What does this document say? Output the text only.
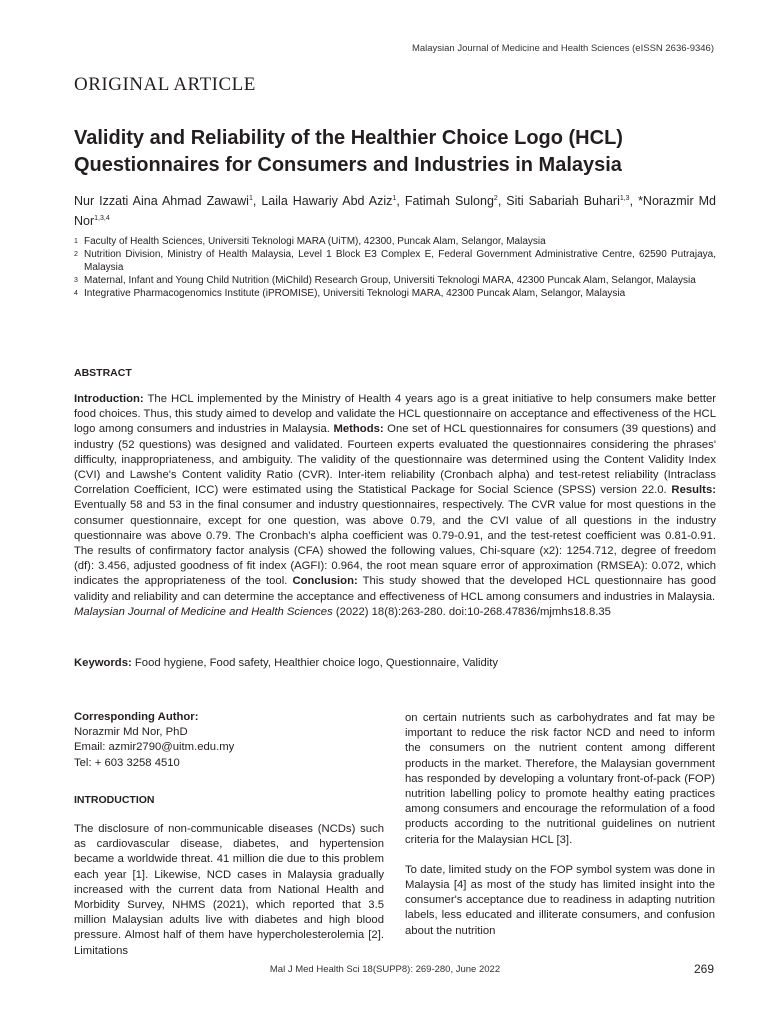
Malaysian Journal of Medicine and Health Sciences (eISSN 2636-9346)
ORIGINAL ARTICLE
Validity and Reliability of the Healthier Choice Logo (HCL) Questionnaires for Consumers and Industries in Malaysia
Nur Izzati Aina Ahmad Zawawi$^1$, Laila Hawariy Abd Aziz$^1$, Fatimah Sulong$^2$, Siti Sabariah Buhari$^{1,3}$, *Norazmir Md Nor$^{1,3,4}$
1 Faculty of Health Sciences, Universiti Teknologi MARA (UiTM), 42300, Puncak Alam, Selangor, Malaysia
2 Nutrition Division, Ministry of Health Malaysia, Level 1 Block E3 Complex E, Federal Government Administrative Centre, 62590 Putrajaya, Malaysia
3 Maternal, Infant and Young Child Nutrition (MiChild) Research Group, Universiti Teknologi MARA, 42300 Puncak Alam, Selangor, Malaysia
4 Integrative Pharmacogenomics Institute (iPROMISE), Universiti Teknologi MARA, 42300 Puncak Alam, Selangor, Malaysia
ABSTRACT
Introduction: The HCL implemented by the Ministry of Health 4 years ago is a great initiative to help consumers make better food choices. Thus, this study aimed to develop and validate the HCL questionnaire on acceptance and effectiveness of the HCL logo among consumers and industries in Malaysia. Methods: One set of HCL questionnaires for consumers (39 questions) and industry (52 questions) was designed and validated. Fourteen experts evaluated the questionnaires considering the phrases' difficulty, inappropriateness, and ambiguity. The validity of the questionnaire was determined using the Content Validity Index (CVI) and Lawshe's Content validity Ratio (CVR). Inter-item reliability (Cronbach alpha) and test-retest reliability (Intraclass Correlation Coefficient, ICC) were estimated using the Statistical Package for Social Science (SPSS) version 22.0. Results: Eventually 58 and 53 in the final consumer and industry questionnaires, respectively. The CVR value for most questions in the consumer questionnaire, except for one question, was above 0.79, and the CVI value of all questions in the industry questionnaire was above 0.79. The Cronbach's alpha coefficient was 0.79-0.91, and the test-retest coefficient was 0.81-0.91. The results of confirmatory factor analysis (CFA) showed the following values, Chi-square (x2): 1254.712, degree of freedom (df): 3.456, adjusted goodness of fit index (AGFI): 0.964, the root mean square error of approximation (RMSEA): 0.072, which indicates the appropriateness of the tool. Conclusion: This study showed that the developed HCL questionnaire has good validity and reliability and can determine the acceptance and effectiveness of HCL among consumers and industries in Malaysia.
Malaysian Journal of Medicine and Health Sciences (2022) 18(8):263-280. doi:10-268.47836/mjmhs18.8.35
Keywords: Food hygiene, Food safety, Healthier choice logo, Questionnaire, Validity
Corresponding Author:
Norazmir Md Nor, PhD
Email: azmir2790@uitm.edu.my
Tel: + 603 3258 4510
INTRODUCTION

The disclosure of non-communicable diseases (NCDs) such as cardiovascular disease, diabetes, and hypertension became a worldwide threat. 41 million die due to this problem each year [1]. Likewise, NCD cases in Malaysia gradually increased with the current data from National Health and Morbidity Survey, NHMS (2021), which reported that 3.5 million Malaysian adults live with diabetes and high blood pressure. Almost half of them have hypercholesterolemia [2]. Limitations

on certain nutrients such as carbohydrates and fat may be important to reduce the risk factor NCD and need to inform the consumers on the nutrient content among different products in the market. Therefore, the Malaysian government has responded by developing a voluntary front-of-pack (FOP) nutrition labelling policy to promote healthy eating practices among consumers and encourage the reformulation of a food products according to the nutritional guidelines on nutrient criteria for the Malaysian HCL [3].

To date, limited study on the FOP symbol system was done in Malaysia [4] as most of the study has limited insight into the consumer's acceptance due to readiness in adapting nutrition labels, less educated and illiterate consumers, and confusion about the nutrition

Mal J Med Health Sci 18(SUPP8): 269-280, June 2022	269
